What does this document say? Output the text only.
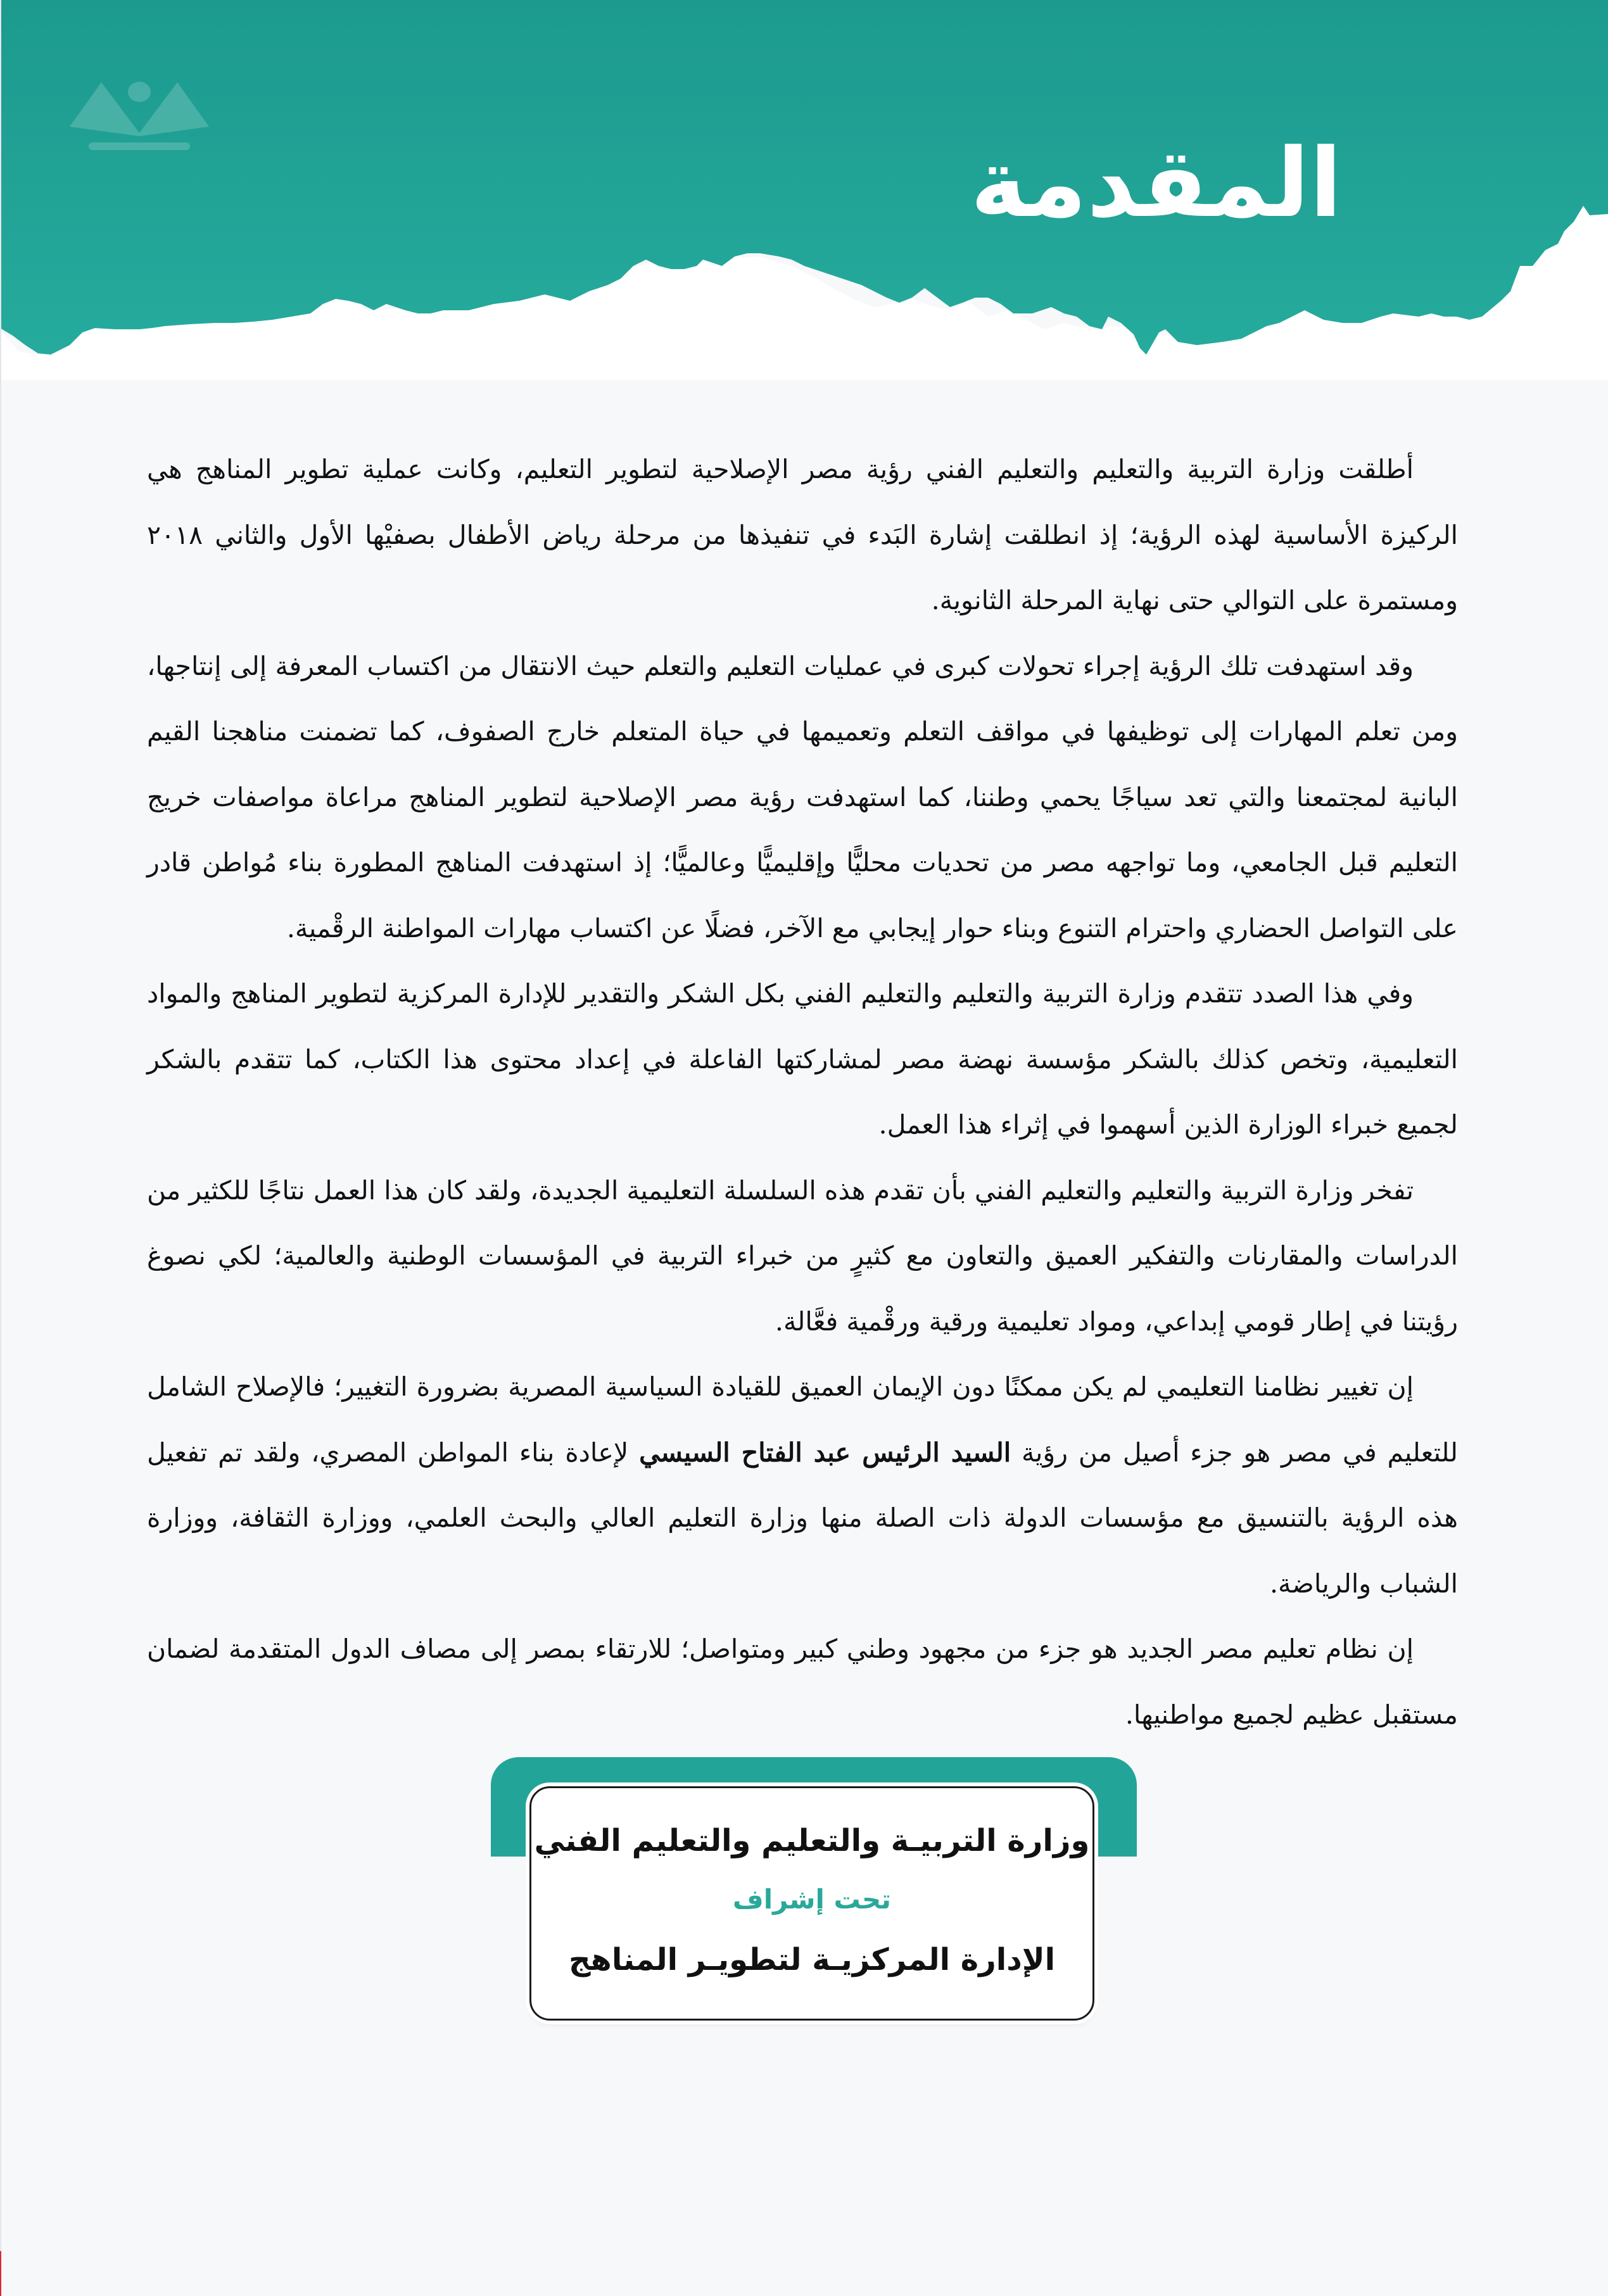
المقدمة

أطلقت وزارة التربية والتعليم والتعليم الفني رؤية مصر الإصلاحية لتطوير التعليم، وكانت عملية تطوير المناهج هي الركيزة الأساسية لهذه الرؤية؛ إذ انطلقت إشارة البَدء في تنفيذها من مرحلة رياض الأطفال بصفيْها الأول والثاني ٢٠١٨ ومستمرة على التوالي حتى نهاية المرحلة الثانوية.

وقد استهدفت تلك الرؤية إجراء تحولات كبرى في عمليات التعليم والتعلم حيث الانتقال من اكتساب المعرفة إلى إنتاجها، ومن تعلم المهارات إلى توظيفها في مواقف التعلم وتعميمها في حياة المتعلم خارج الصفوف، كما تضمنت مناهجنا القيم البانية لمجتمعنا والتي تعد سياجًا يحمي وطننا، كما استهدفت رؤية مصر الإصلاحية لتطوير المناهج مراعاة مواصفات خريج التعليم قبل الجامعي، وما تواجهه مصر من تحديات محليًّا وإقليميًّا وعالميًّا؛ إذ استهدفت المناهج المطورة بناء مُواطن قادر على التواصل الحضاري واحترام التنوع وبناء حوار إيجابي مع الآخر، فضلًا عن اكتساب مهارات المواطنة الرقْمية.

وفي هذا الصدد تتقدم وزارة التربية والتعليم والتعليم الفني بكل الشكر والتقدير للإدارة المركزية لتطوير المناهج والمواد التعليمية، وتخص كذلك بالشكر مؤسسة نهضة مصر لمشاركتها الفاعلة في إعداد محتوى هذا الكتاب، كما تتقدم بالشكر لجميع خبراء الوزارة الذين أسهموا في إثراء هذا العمل.

تفخر وزارة التربية والتعليم والتعليم الفني بأن تقدم هذه السلسلة التعليمية الجديدة، ولقد كان هذا العمل نتاجًا للكثير من الدراسات والمقارنات والتفكير العميق والتعاون مع كثيرٍ من خبراء التربية في المؤسسات الوطنية والعالمية؛ لكي نصوغ رؤيتنا في إطار قومي إبداعي، ومواد تعليمية ورقية ورقْمية فعَّالة.

إن تغيير نظامنا التعليمي لم يكن ممكنًا دون الإيمان العميق للقيادة السياسية المصرية بضرورة التغيير؛ فالإصلاح الشامل للتعليم في مصر هو جزء أصيل من رؤية السيد الرئيس عبد الفتاح السيسي لإعادة بناء المواطن المصري، ولقد تم تفعيل هذه الرؤية بالتنسيق مع مؤسسات الدولة ذات الصلة منها وزارة التعليم العالي والبحث العلمي، ووزارة الثقافة، ووزارة الشباب والرياضة.

إن نظام تعليم مصر الجديد هو جزء من مجهود وطني كبير ومتواصل؛ للارتقاء بمصر إلى مصاف الدول المتقدمة لضمان مستقبل عظيم لجميع مواطنيها.

وزارة التربيـة والتعليم والتعليم الفني
تحت إشراف
الإدارة المركزيـة لتطويـر المناهج
